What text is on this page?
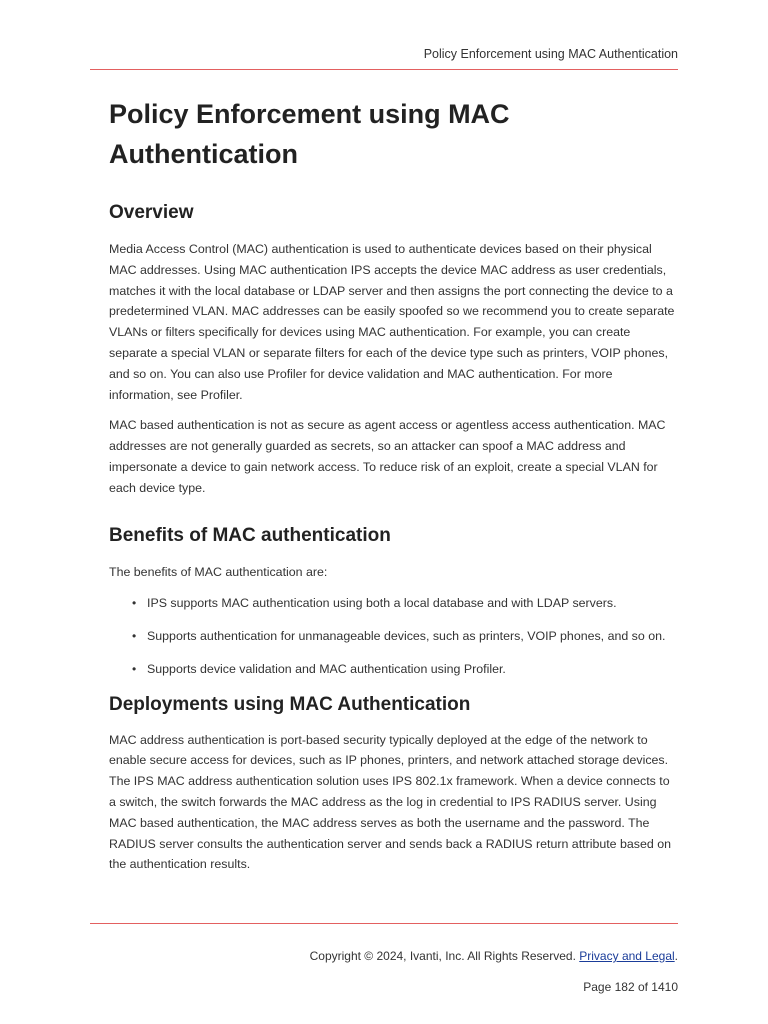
Policy Enforcement using MAC Authentication
Policy Enforcement using MAC Authentication
Overview

Media Access Control (MAC) authentication is used to authenticate devices based on their physical MAC addresses. Using MAC authentication IPS accepts the device MAC address as user credentials, matches it with the local database or LDAP server and then assigns the port connecting the device to a predetermined VLAN. MAC addresses can be easily spoofed so we recommend you to create separate VLANs or filters specifically for devices using MAC authentication. For example, you can create separate a special VLAN or separate filters for each of the device type such as printers, VOIP phones, and so on. You can also use Profiler for device validation and MAC authentication. For more information, see Profiler.

MAC based authentication is not as secure as agent access or agentless access authentication. MAC addresses are not generally guarded as secrets, so an attacker can spoof a MAC address and impersonate a device to gain network access. To reduce risk of an exploit, create a special VLAN for each device type.

Benefits of MAC authentication

The benefits of MAC authentication are:

• IPS supports MAC authentication using both a local database and with LDAP servers.
• Supports authentication for unmanageable devices, such as printers, VOIP phones, and so on.
• Supports device validation and MAC authentication using Profiler.
Deployments using MAC Authentication

MAC address authentication is port-based security typically deployed at the edge of the network to enable secure access for devices, such as IP phones, printers, and network attached storage devices. The IPS MAC address authentication solution uses IPS 802.1x framework. When a device connects to a switch, the switch forwards the MAC address as the log in credential to IPS RADIUS server. Using MAC based authentication, the MAC address serves as both the username and the password. The RADIUS server consults the authentication server and sends back a RADIUS return attribute based on the authentication results.

Copyright © 2024, Ivanti, Inc. All Rights Reserved. Privacy and Legal.
Page 182 of 1410
